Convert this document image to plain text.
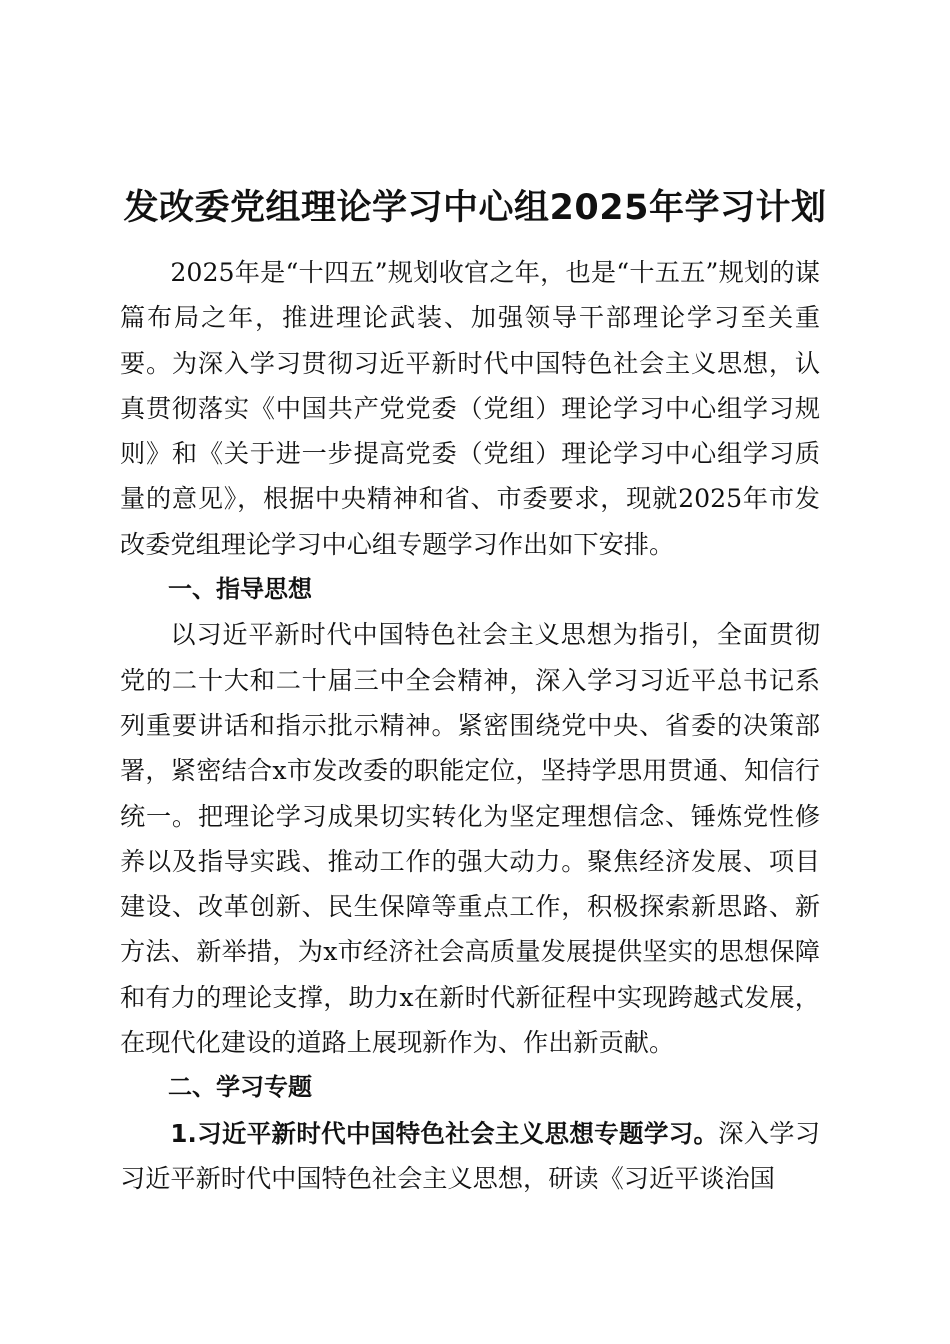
发改委党组理论学习中心组2025年学习计划

2025年是“十四五”规划收官之年，也是“十五五”规划的谋篇布局之年，推进理论武装、加强领导干部理论学习至关重要。为深入学习贯彻习近平新时代中国特色社会主义思想，认真贯彻落实《中国共产党党委（党组）理论学习中心组学习规则》和《关于进一步提高党委（党组）理论学习中心组学习质量的意见》，根据中央精神和省、市委要求，现就2025年市发改委党组理论学习中心组专题学习作出如下安排。

一、指导思想

以习近平新时代中国特色社会主义思想为指引，全面贯彻党的二十大和二十届三中全会精神，深入学习习近平总书记系列重要讲话和指示批示精神。紧密围绕党中央、省委的决策部署，紧密结合x市发改委的职能定位，坚持学思用贯通、知信行统一。把理论学习成果切实转化为坚定理想信念、锤炼党性修养以及指导实践、推动工作的强大动力。聚焦经济发展、项目建设、改革创新、民生保障等重点工作，积极探索新思路、新方法、新举措，为x市经济社会高质量发展提供坚实的思想保障和有力的理论支撑，助力x在新时代新征程中实现跨越式发展，在现代化建设的道路上展现新作为、作出新贡献。

二、学习专题

1.习近平新时代中国特色社会主义思想专题学习。深入学习习近平新时代中国特色社会主义思想，研读《习近平谈治国
